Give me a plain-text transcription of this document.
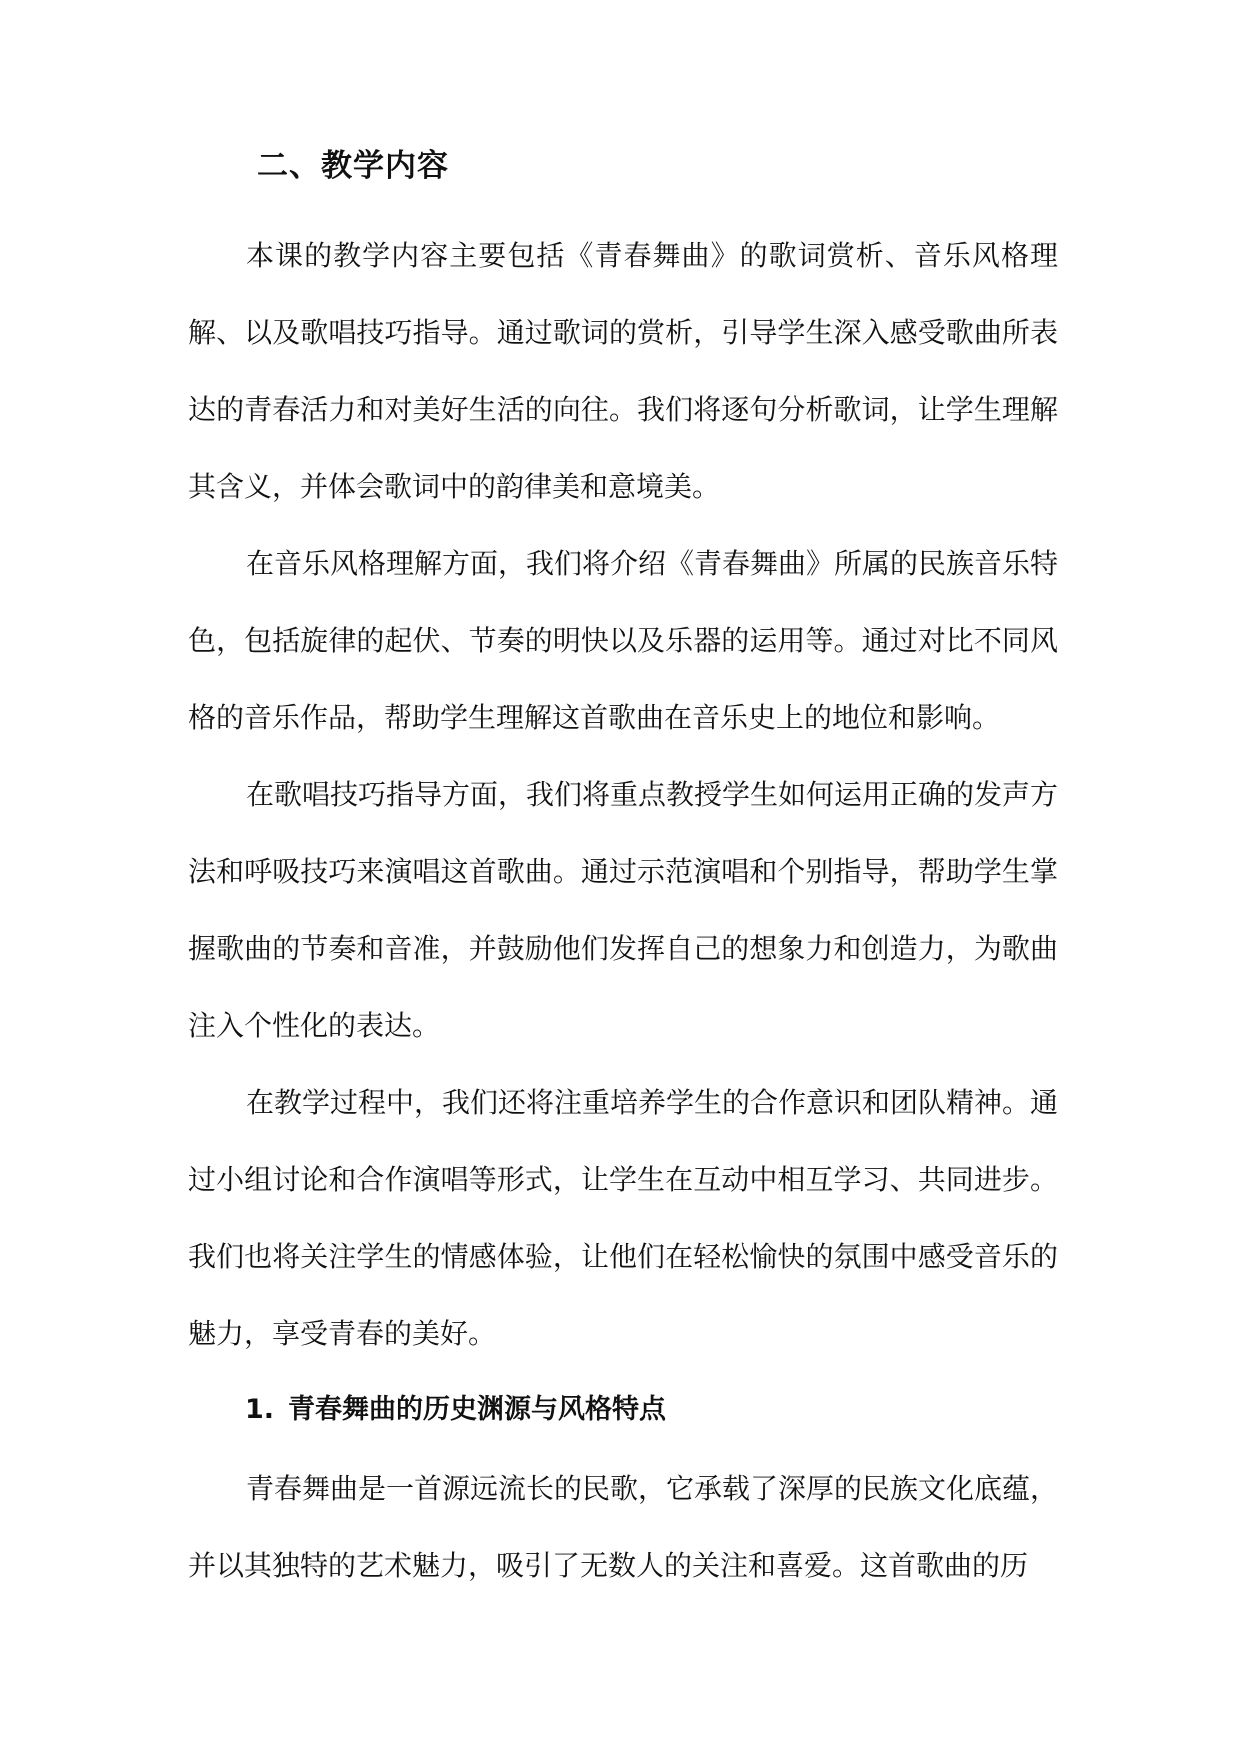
二、教学内容

本课的教学内容主要包括《青春舞曲》的歌词赏析、音乐风格理解、以及歌唱技巧指导。通过歌词的赏析，引导学生深入感受歌曲所表达的青春活力和对美好生活的向往。我们将逐句分析歌词，让学生理解其含义，并体会歌词中的韵律美和意境美。

在音乐风格理解方面，我们将介绍《青春舞曲》所属的民族音乐特色，包括旋律的起伏、节奏的明快以及乐器的运用等。通过对比不同风格的音乐作品，帮助学生理解这首歌曲在音乐史上的地位和影响。

在歌唱技巧指导方面，我们将重点教授学生如何运用正确的发声方法和呼吸技巧来演唱这首歌曲。通过示范演唱和个别指导，帮助学生掌握歌曲的节奏和音准，并鼓励他们发挥自己的想象力和创造力，为歌曲注入个性化的表达。

在教学过程中，我们还将注重培养学生的合作意识和团队精神。通过小组讨论和合作演唱等形式，让学生在互动中相互学习、共同进步。我们也将关注学生的情感体验，让他们在轻松愉快的氛围中感受音乐的魅力，享受青春的美好。

1. 青春舞曲的历史渊源与风格特点

青春舞曲是一首源远流长的民歌，它承载了深厚的民族文化底蕴，并以其独特的艺术魅力，吸引了无数人的关注和喜爱。这首歌曲的历
